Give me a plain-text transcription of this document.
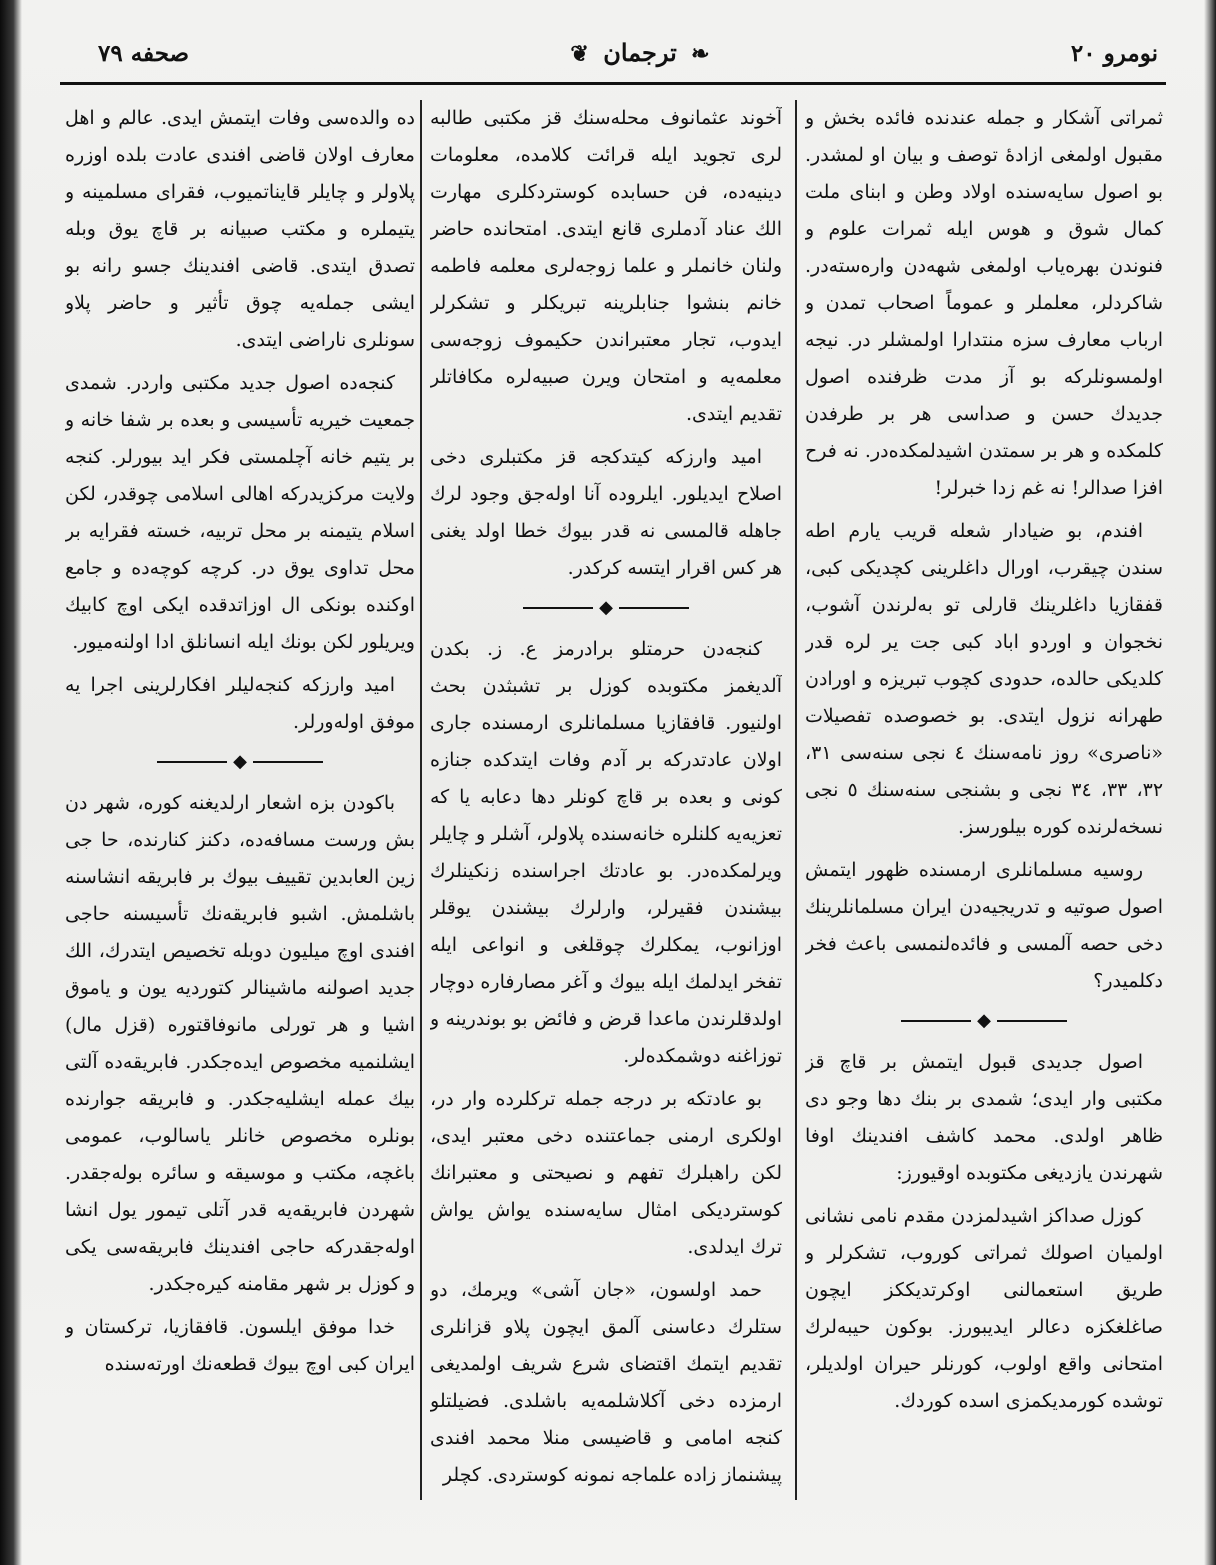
صحفه ٧٩	❧ ترجمان ❦	نومرو ٢٠

ثمراتی آشکار و جمله عندنده فائده بخش و مقبول اولمغی ازادۀ توصف و بیان او لمشدر. بو اصول سایه‌سنده اولاد وطن و ابنای ملت کمال شوق و هوس ایله ثمرات علوم و فنوندن بهره‌یاب اولمغی شهه‌دن واره‌سته‌در. شاکردلر، معلملر و عموماً اصحاب تمدن و ارباب معارف سزه منتدارا اولمشلر در. نیجه اولمسونلرکه بو آز مدت ظرفنده اصول جدیدك حسن و صداسی هر بر طرفدن کلمکده و هر بر سمتدن اشیدلمکده‌در. نه فرح افزا صدالر! نه غم زدا خبرلر!

افندم، بو ضیادار شعله قریب یارم اطه سندن چیقرب، اورال داغلرینی کچدیکی کبی، قفقازیا داغلرینك قارلی تو به‌لرندن آشوب، نخجوان و اوردو اباد کبی جت یر لره قدر کلدیکی حالده، حدودی کچوب تبریزه و اورادن طهرانه نزول ایتدی. بو خصوصده تفصیلات «ناصری» روز نامه‌سنك ٤ نجی سنه‌سی ٣١، ٣٢، ٣٣، ٣٤ نجی و بشنجی سنه‌سنك ٥ نجی نسخه‌لرنده کوره بیلورسز.

روسیه مسلمانلری ارمسنده ظهور ایتمش اصول صوتیه و تدریجیه‌دن ایران مسلمانلرینك دخی حصه آلمسی و فائده‌لنمسی باعث فخر دکلمیدر؟

◆

اصول جدیدی قبول ایتمش بر قاچ قز مکتبی وار ایدی؛ شمدی بر بنك دها وجو دی ظاهر اولدی. محمد کاشف افندینك اوفا شهرندن یازدیغی مکتوبده اوقیورز:

کوزل صداکز اشیدلمزدن مقدم نامی نشانی اولمیان اصولك ثمراتی کوروب، تشکرلر و طریق استعمالنی اوکرتدیککز ایچون صاغلغکزه دعالر ایدیبورز. بوکون حیبه‌لرك امتحانی واقع اولوب، کورنلر حیران اولدیلر، توشده کورمدیکمزی اسده کوردك.

آخوند عثمانوف محله‌سنك قز مکتبی طالبه لری تجوید ایله قرائت کلامده، معلومات دینیه‌ده، فن حسابده کوستردکلری مهارت الك عناد آدملری قانع ایتدی. امتحانده حاضر ولنان خانملر و علما زوجه‌لری معلمه فاطمه خانم بنشوا جنابلرینه تبریکلر و تشکرلر ایدوب، تجار معتبراندن حکیموف زوجه‌سی معلمه‌یه و امتحان ویرن صبیه‌لره مکافاتلر تقدیم ایتدی.

امید وارزکه کیتدکجه قز مکتبلری دخی اصلاح ایدیلور. ایلروده آنا اوله‌جق وجود لرك جاهله قالمسی نه قدر بیوك خطا اولد یغنی هر کس اقرار ایتسه کرکدر.

◆

کنجه‌دن حرمتلو برادرمز ع. ز. بکدن آلدیغمز مکتوبده کوزل بر تشبثدن بحث اولنیور. قافقازیا مسلمانلری ارمسنده جاری اولان عادتدرکه بر آدم وفات ایتدکده جنازه کونی و بعده بر قاچ کونلر دها دعابه یا که تعزیه‌یه کلنلره خانه‌سنده پلاولر، آشلر و چایلر ویرلمکده‌در. بو عادتك اجراسنده زنکینلرك بیشندن فقیرلر، وارلرك بیشندن یوقلر اوزانوب، یمکلرك چوقلغی و انواعی ایله تفخر ایدلمك ایله بیوك و آغر مصارفاره دوچار اولدقلرندن ماعدا قرض و فائض بو بوندرینه و توزاغنه دوشمکده‌لر.

بو عادتکه بر درجه جمله ترکلرده وار در، اولکری ارمنی جماعتنده دخی معتبر ایدی، لکن راهبلرك تفهم و نصیحتی و معتبرانك کوستردیکی امثال سایه‌سنده یواش یواش ترك ایدلدی.

حمد اولسون، «جان آشی» ویرمك، دو ستلرك دعاسنی آلمق ایچون پلاو قزانلری تقدیم ایتمك اقتضای شرع شریف اولمدیغی ارمزده دخی آکلاشلمه‌یه باشلدی. فضیلتلو کنجه امامی و قاضیسی منلا محمد افندی پیشنماز زاده علماجه نمونه کوستردی. کچلر

ده والده‌سی وفات ایتمش ایدی. عالم و اهل معارف اولان قاضی افندی عادت بلده اوزره پلاولر و چایلر قایناتمیوب، فقرای مسلمینه و یتیملره و مکتب صبیانه بر قاچ یوق وبله تصدق ایتدی. قاضی افندینك جسو رانه بو ایشی جمله‌یه چوق تأثیر و حاضر پلاو سونلری ناراضی ایتدی.

کنجه‌ده اصول جدید مکتبی واردر. شمدی جمعیت خیریه تأسیسی و بعده بر شفا خانه و بر یتیم خانه آچلمستی فکر اید بیورلر. کنجه ولایت مرکزیدرکه اهالی اسلامی چوقدر، لکن اسلام یتیمنه بر محل تربیه، خسته فقرایه بر محل تداوی یوق در. کرچه کوچه‌ده و جامع اوکنده بونکی ال اوزاتدقده ایکی اوچ کابیك ویریلور لکن بونك ایله انسانلق ادا اولنه‌میور.

امید وارزکه کنجه‌لیلر افکارلرینی اجرا یه موفق اوله‌ورلر.

◆

باکودن بزه اشعار ارلدیغنه کوره، شهر دن بش ورست مسافه‌ده، دکنز کنارنده، حا جی زین العابدین تقییف بیوك بر فابریقه انشاسنه باشلمش. اشبو فابریقه‌نك تأسیسنه حاجی افندی اوچ میلیون دوبله تخصیص ایتدرك، الك جدید اصولنه ماشینالر کتوردیه یون و یاموق اشیا و هر تورلی مانوفاقتوره (قزل مال) ایشلنمیه مخصوص ایده‌جکدر. فابریقه‌ده آلتی بیك عمله ایشلیه‌جکدر. و فابریقه جوارنده بونلره مخصوص خانلر یاسالوب، عمومی باغچه، مکتب و موسیقه و سائره بوله‌جقدر. شهردن فابریقه‌یه قدر آتلی تیمور یول انشا اوله‌جقدرکه حاجی افندینك فابریقه‌سی یکی و کوزل بر شهر مقامنه کیره‌جکدر.

خدا موفق ایلسون. قافقازیا، ترکستان و ایران کبی اوچ بیوك قطعه‌نك اورته‌سنده
